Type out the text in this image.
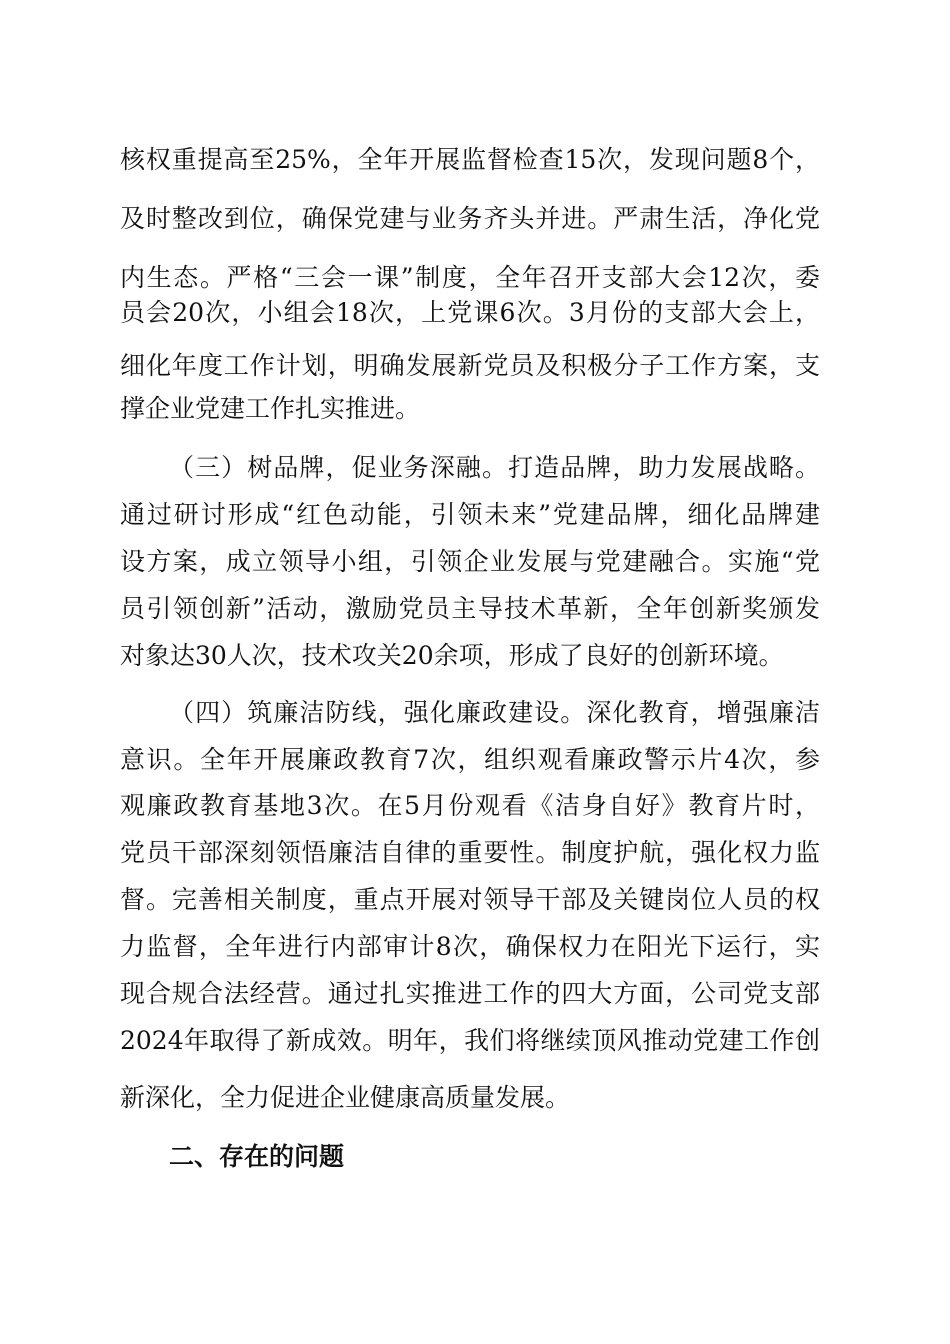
核权重提高至25%，全年开展监督检查15次，发现问题8个，
及时整改到位，确保党建与业务齐头并进。严肃生活，净化党
内生态。严格“三会一课”制度，全年召开支部大会12次，委
员会20次，小组会18次，上党课6次。3月份的支部大会上，
细化年度工作计划，明确发展新党员及积极分子工作方案，支
撑企业党建工作扎实推进。
（三）树品牌，促业务深融。打造品牌，助力发展战略。
通过研讨形成“红色动能，引领未来”党建品牌，细化品牌建
设方案，成立领导小组，引领企业发展与党建融合。实施“党
员引领创新”活动，激励党员主导技术革新，全年创新奖颁发
对象达30人次，技术攻关20余项，形成了良好的创新环境。
（四）筑廉洁防线，强化廉政建设。深化教育，增强廉洁
意识。全年开展廉政教育7次，组织观看廉政警示片4次，参
观廉政教育基地3次。在5月份观看《洁身自好》教育片时，
党员干部深刻领悟廉洁自律的重要性。制度护航，强化权力监
督。完善相关制度，重点开展对领导干部及关键岗位人员的权
力监督，全年进行内部审计8次，确保权力在阳光下运行，实
现合规合法经营。通过扎实推进工作的四大方面，公司党支部
2024年取得了新成效。明年，我们将继续顶风推动党建工作创
新深化，全力促进企业健康高质量发展。
二、存在的问题
